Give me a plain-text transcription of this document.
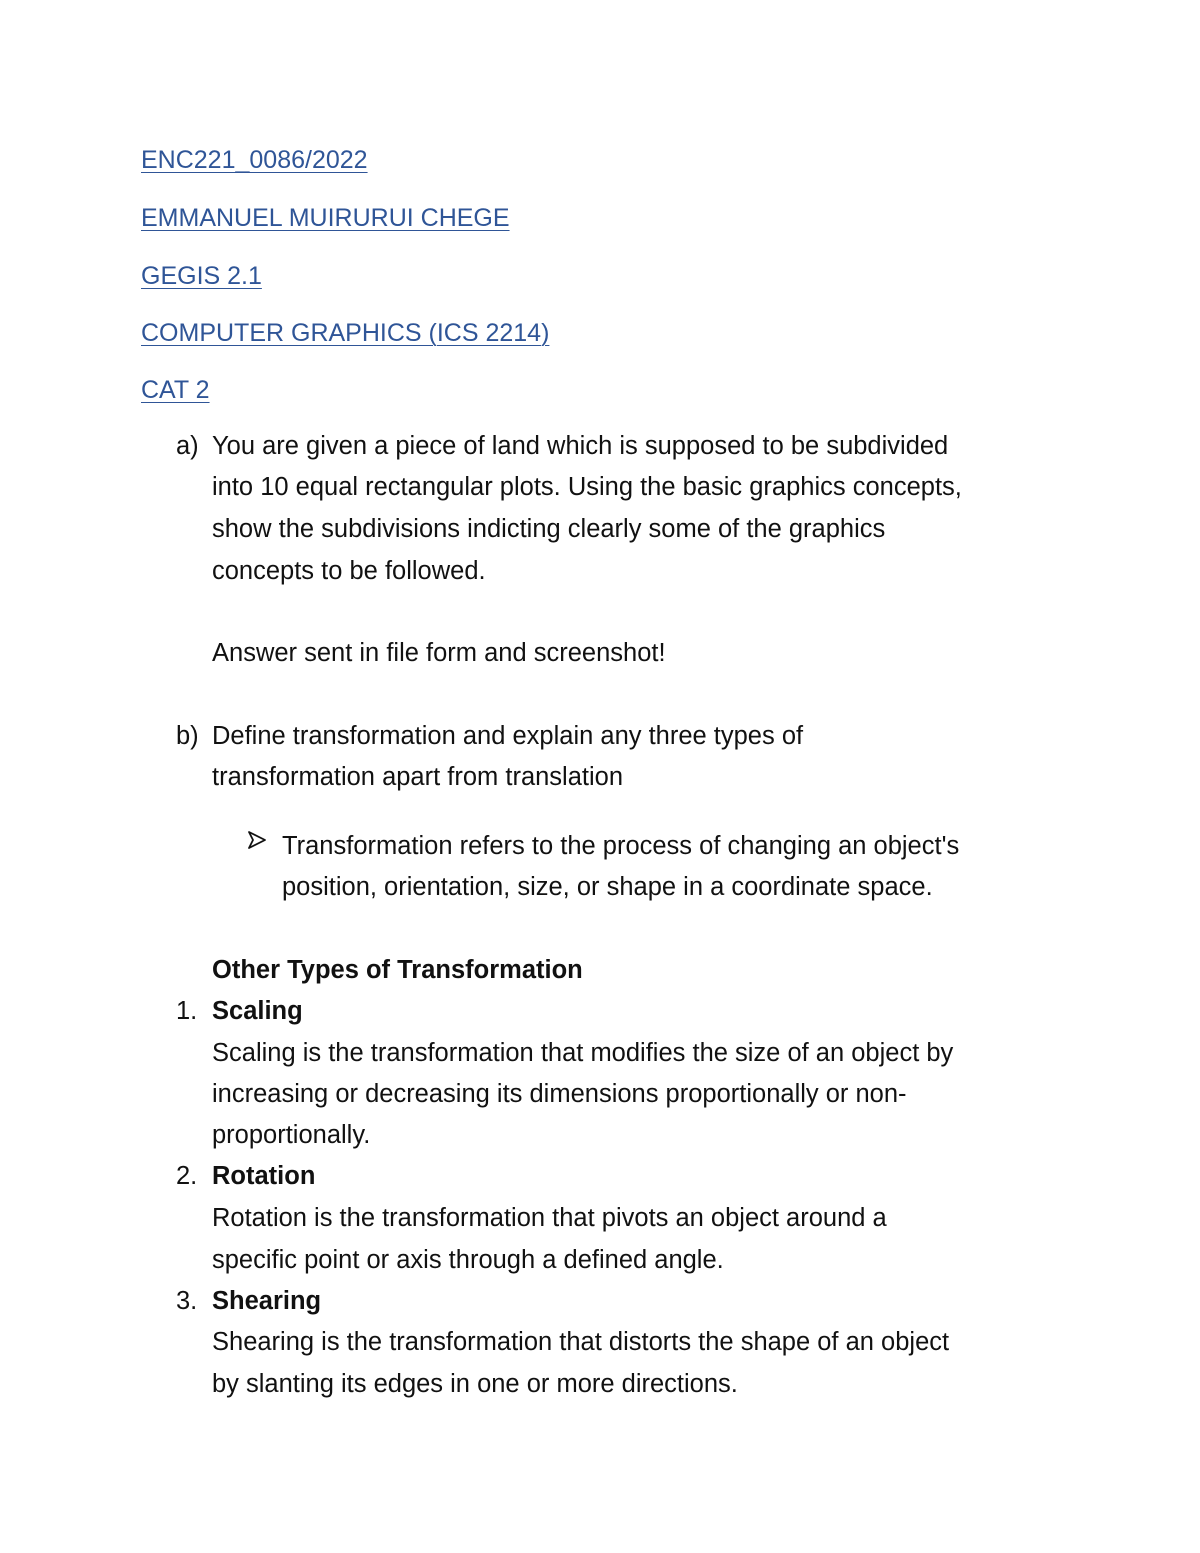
ENC221_0086/2022
EMMANUEL MUIRURUI CHEGE
GEGIS 2.1
COMPUTER GRAPHICS (ICS 2214)
CAT 2
a) You are given a piece of land which is supposed to be subdivided
into 10 equal rectangular plots. Using the basic graphics concepts,
show the subdivisions indicting clearly some of the graphics
concepts to be followed.
Answer sent in file form and screenshot!
b) Define transformation and explain any three types of
transformation apart from translation
Transformation refers to the process of changing an object's
position, orientation, size, or shape in a coordinate space.
Other Types of Transformation
1. Scaling
Scaling is the transformation that modifies the size of an object by
increasing or decreasing its dimensions proportionally or non-
proportionally.
2. Rotation
Rotation is the transformation that pivots an object around a
specific point or axis through a defined angle.
3. Shearing
Shearing is the transformation that distorts the shape of an object
by slanting its edges in one or more directions.
